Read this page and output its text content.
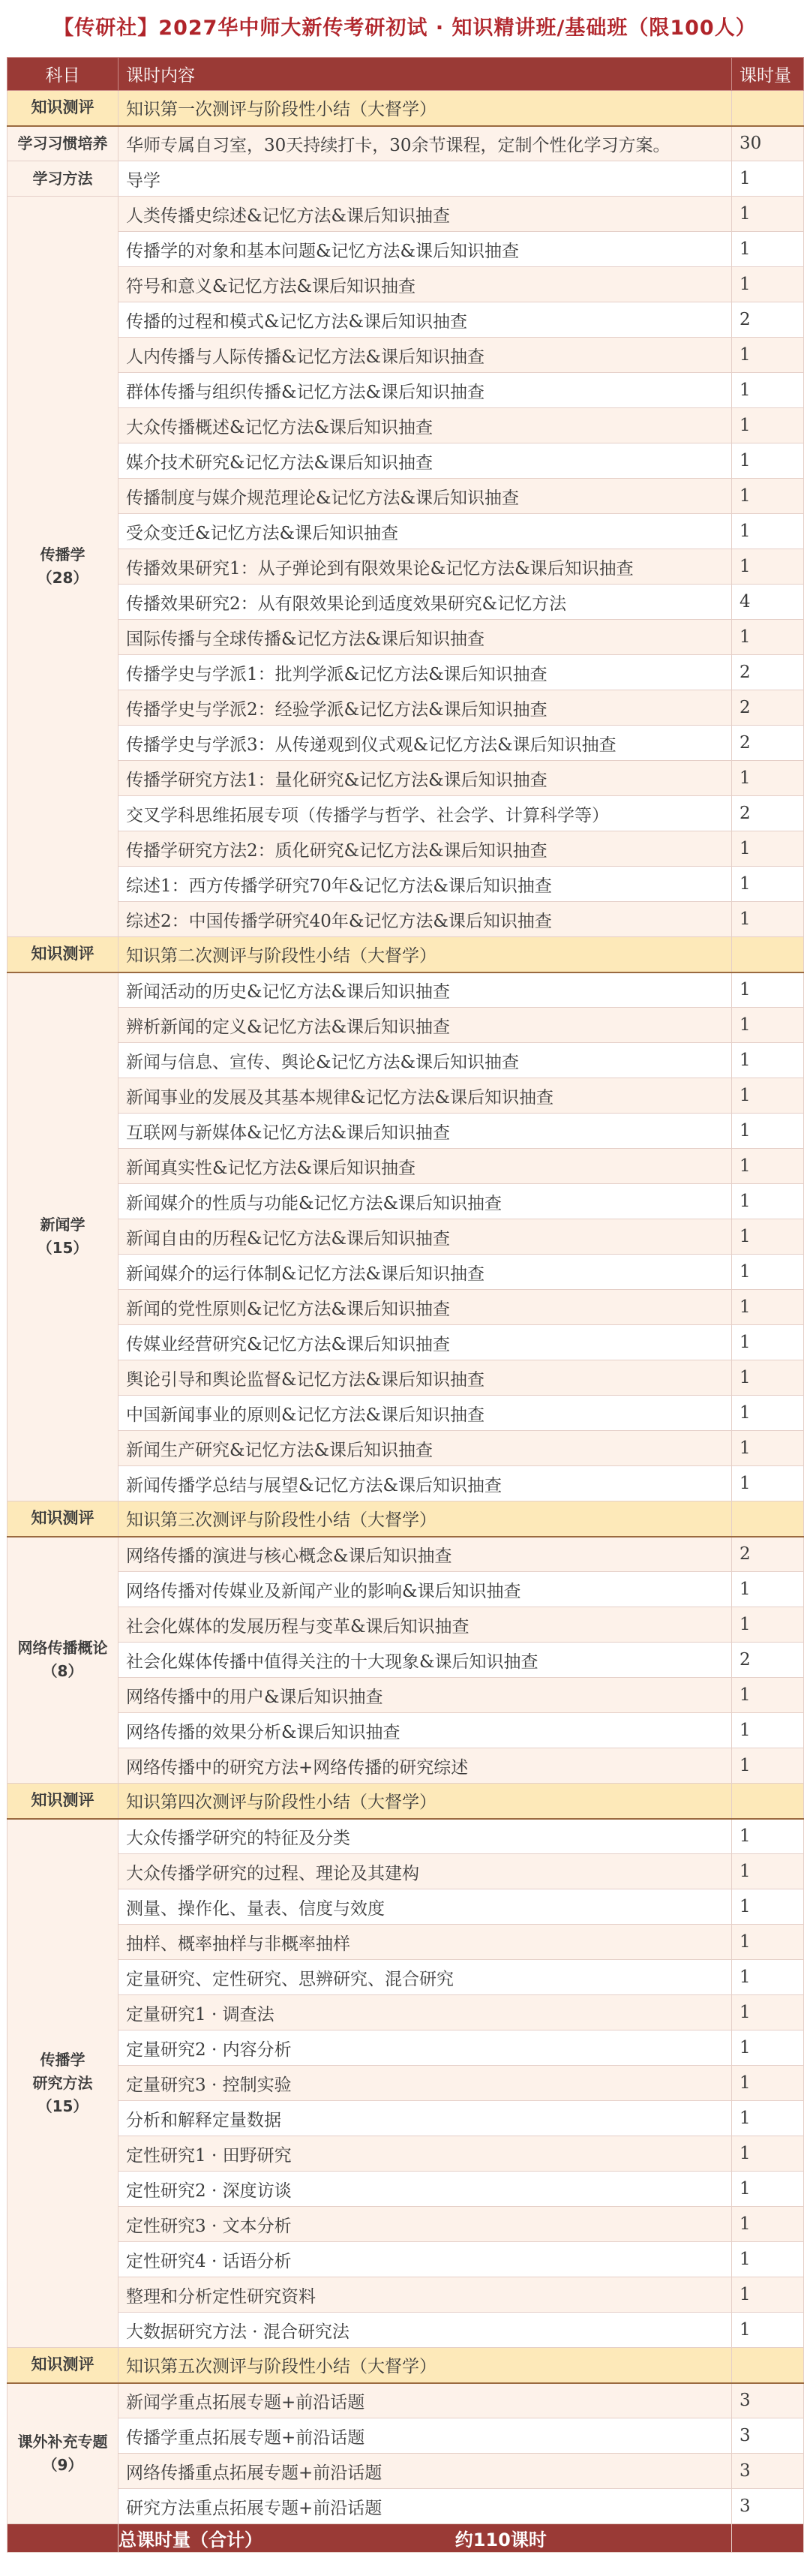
【传研社】2027华中师大新传考研初试 · 知识精讲班/基础班（限100人）
科目	课时内容	课时量

知识测评	知识第一次测评与阶段性小结（大督学）	

学习习惯培养	华师专属自习室，30天持续打卡，30余节课程，定制个性化学习方案。	30

学习方法	导学	1

传播学
（28）	人类传播史综述&记忆方法&课后知识抽查	1
	传播学的对象和基本问题&记忆方法&课后知识抽查	1
	符号和意义&记忆方法&课后知识抽查	1
	传播的过程和模式&记忆方法&课后知识抽查	2
	人内传播与人际传播&记忆方法&课后知识抽查	1
	群体传播与组织传播&记忆方法&课后知识抽查	1
	大众传播概述&记忆方法&课后知识抽查	1
	媒介技术研究&记忆方法&课后知识抽查	1
	传播制度与媒介规范理论&记忆方法&课后知识抽查	1
	受众变迁&记忆方法&课后知识抽查	1
	传播效果研究1：从子弹论到有限效果论&记忆方法&课后知识抽查	1
	传播效果研究2：从有限效果论到适度效果研究&记忆方法	4
	国际传播与全球传播&记忆方法&课后知识抽查	1
	传播学史与学派1：批判学派&记忆方法&课后知识抽查	2
	传播学史与学派2：经验学派&记忆方法&课后知识抽查	2
	传播学史与学派3：从传递观到仪式观&记忆方法&课后知识抽查	2
	传播学研究方法1：量化研究&记忆方法&课后知识抽查	1
	交叉学科思维拓展专项（传播学与哲学、社会学、计算科学等）	2
	传播学研究方法2：质化研究&记忆方法&课后知识抽查	1
	综述1：西方传播学研究70年&记忆方法&课后知识抽查	1
	综述2：中国传播学研究40年&记忆方法&课后知识抽查	1

知识测评	知识第二次测评与阶段性小结（大督学）	

新闻学
（15）	新闻活动的历史&记忆方法&课后知识抽查	1
	辨析新闻的定义&记忆方法&课后知识抽查	1
	新闻与信息、宣传、舆论&记忆方法&课后知识抽查	1
	新闻事业的发展及其基本规律&记忆方法&课后知识抽查	1
	互联网与新媒体&记忆方法&课后知识抽查	1
	新闻真实性&记忆方法&课后知识抽查	1
	新闻媒介的性质与功能&记忆方法&课后知识抽查	1
	新闻自由的历程&记忆方法&课后知识抽查	1
	新闻媒介的运行体制&记忆方法&课后知识抽查	1
	新闻的党性原则&记忆方法&课后知识抽查	1
	传媒业经营研究&记忆方法&课后知识抽查	1
	舆论引导和舆论监督&记忆方法&课后知识抽查	1
	中国新闻事业的原则&记忆方法&课后知识抽查	1
	新闻生产研究&记忆方法&课后知识抽查	1
	新闻传播学总结与展望&记忆方法&课后知识抽查	1

知识测评	知识第三次测评与阶段性小结（大督学）	

网络传播概论
（8）	网络传播的演进与核心概念&课后知识抽查	2
	网络传播对传媒业及新闻产业的影响&课后知识抽查	1
	社会化媒体的发展历程与变革&课后知识抽查	1
	社会化媒体传播中值得关注的十大现象&课后知识抽查	2
	网络传播中的用户&课后知识抽查	1
	网络传播的效果分析&课后知识抽查	1
	网络传播中的研究方法+网络传播的研究综述	1

知识测评	知识第四次测评与阶段性小结（大督学）	

传播学
研究方法
（15）	大众传播学研究的特征及分类	1
	大众传播学研究的过程、理论及其建构	1
	测量、操作化、量表、信度与效度	1
	抽样、概率抽样与非概率抽样	1
	定量研究、定性研究、思辨研究、混合研究	1
	定量研究1 · 调查法	1
	定量研究2 · 内容分析	1
	定量研究3 · 控制实验	1
	分析和解释定量数据	1
	定性研究1 · 田野研究	1
	定性研究2 · 深度访谈	1
	定性研究3 · 文本分析	1
	定性研究4 · 话语分析	1
	整理和分析定性研究资料	1
	大数据研究方法 · 混合研究法	1

知识测评	知识第五次测评与阶段性小结（大督学）	

课外补充专题
（9）	新闻学重点拓展专题+前沿话题	3
	传播学重点拓展专题+前沿话题	3
	网络传播重点拓展专题+前沿话题	3
	研究方法重点拓展专题+前沿话题	3
	总课时量（合计） 约110课时	
